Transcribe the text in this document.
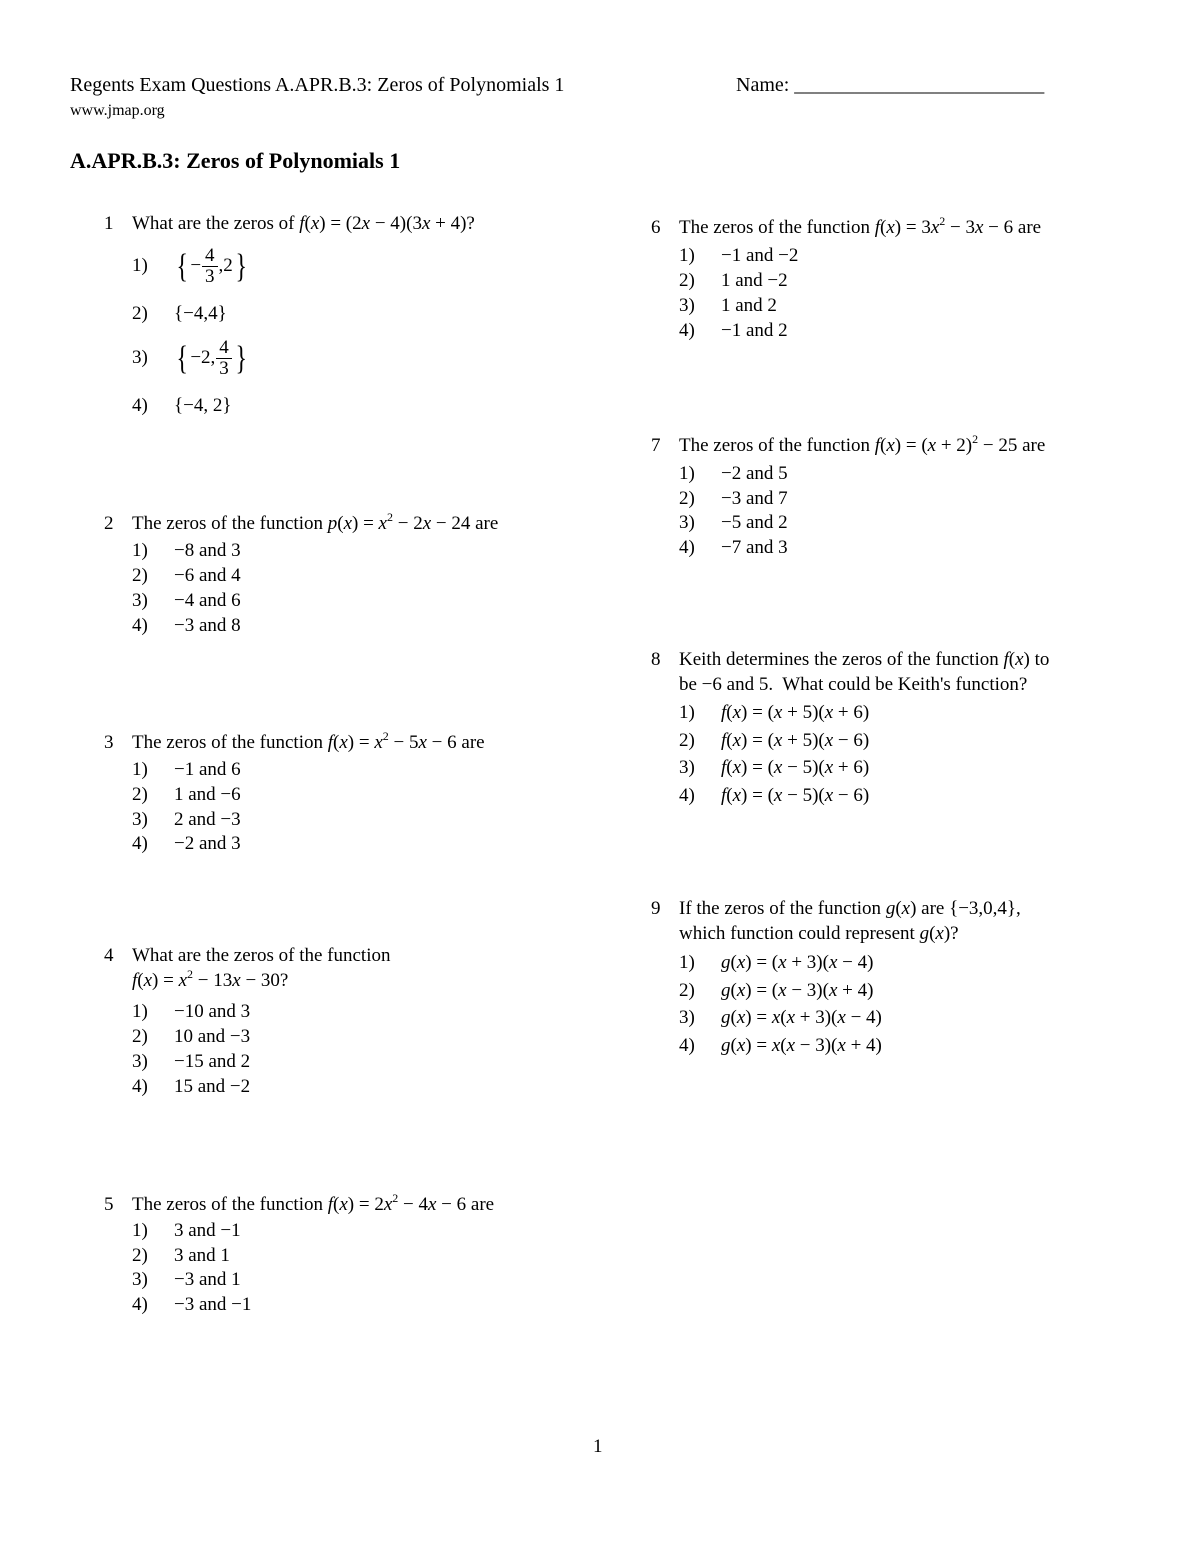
Regents Exam Questions A.APR.B.3: Zeros of Polynomials 1	Name: _________________________
www.jmap.org
A.APR.B.3: Zeros of Polynomials 1
1 What are the zeros of f(x) = (2x − 4)(3x + 4)?
1) { − $\frac{4}{3} ,2$}
2) {−4,4}
3) { −2, $\frac{4}{3}$ }
4) {−4, 2}
2 The zeros of the function $p(x) = x^2 - 2x - 24$ are
1) −8 and 3
2) −6 and 4
3) −4 and 6
4) −3 and 8
3 The zeros of the function $f(x) = x^2 - 5x - 6$ are
1) −1 and 6
2) 1 and −6
3) 2 and −3
4) −2 and 3
4 What are the zeros of the function
$f(x) = x^2 - 13x - 30$?
1) −10 and 3
2) 10 and −3
3) −15 and 2
4) 15 and −2
5 The zeros of the function $f(x) = 2x^2 - 4x - 6$ are
1) 3 and −1
2) 3 and 1
3) −3 and 1
4) −3 and −1
6 The zeros of the function $f(x) = 3x^2 - 3x - 6$ are
1) −1 and −2
2) 1 and −2
3) 1 and 2
4) −1 and 2
7 The zeros of the function $f(x) = (x + 2)^2 - 25$ are
1) −2 and 5
2) −3 and 7
3) −5 and 2
4) −7 and 3
8 Keith determines the zeros of the function f(x) to
be −6 and 5.  What could be Keith's function?
1) f(x) = (x + 5)(x + 6)
2) f(x) = (x + 5)(x − 6)
3) f(x) = (x − 5)(x + 6)
4) f(x) = (x − 5)(x − 6)
9 If the zeros of the function g(x) are {−3,0,4},
which function could represent g(x)?
1) g(x) = (x + 3)(x − 4)
2) g(x) = (x − 3)(x + 4)
3) g(x) = x(x + 3)(x − 4)
4) g(x) = x(x − 3)(x + 4)
1
